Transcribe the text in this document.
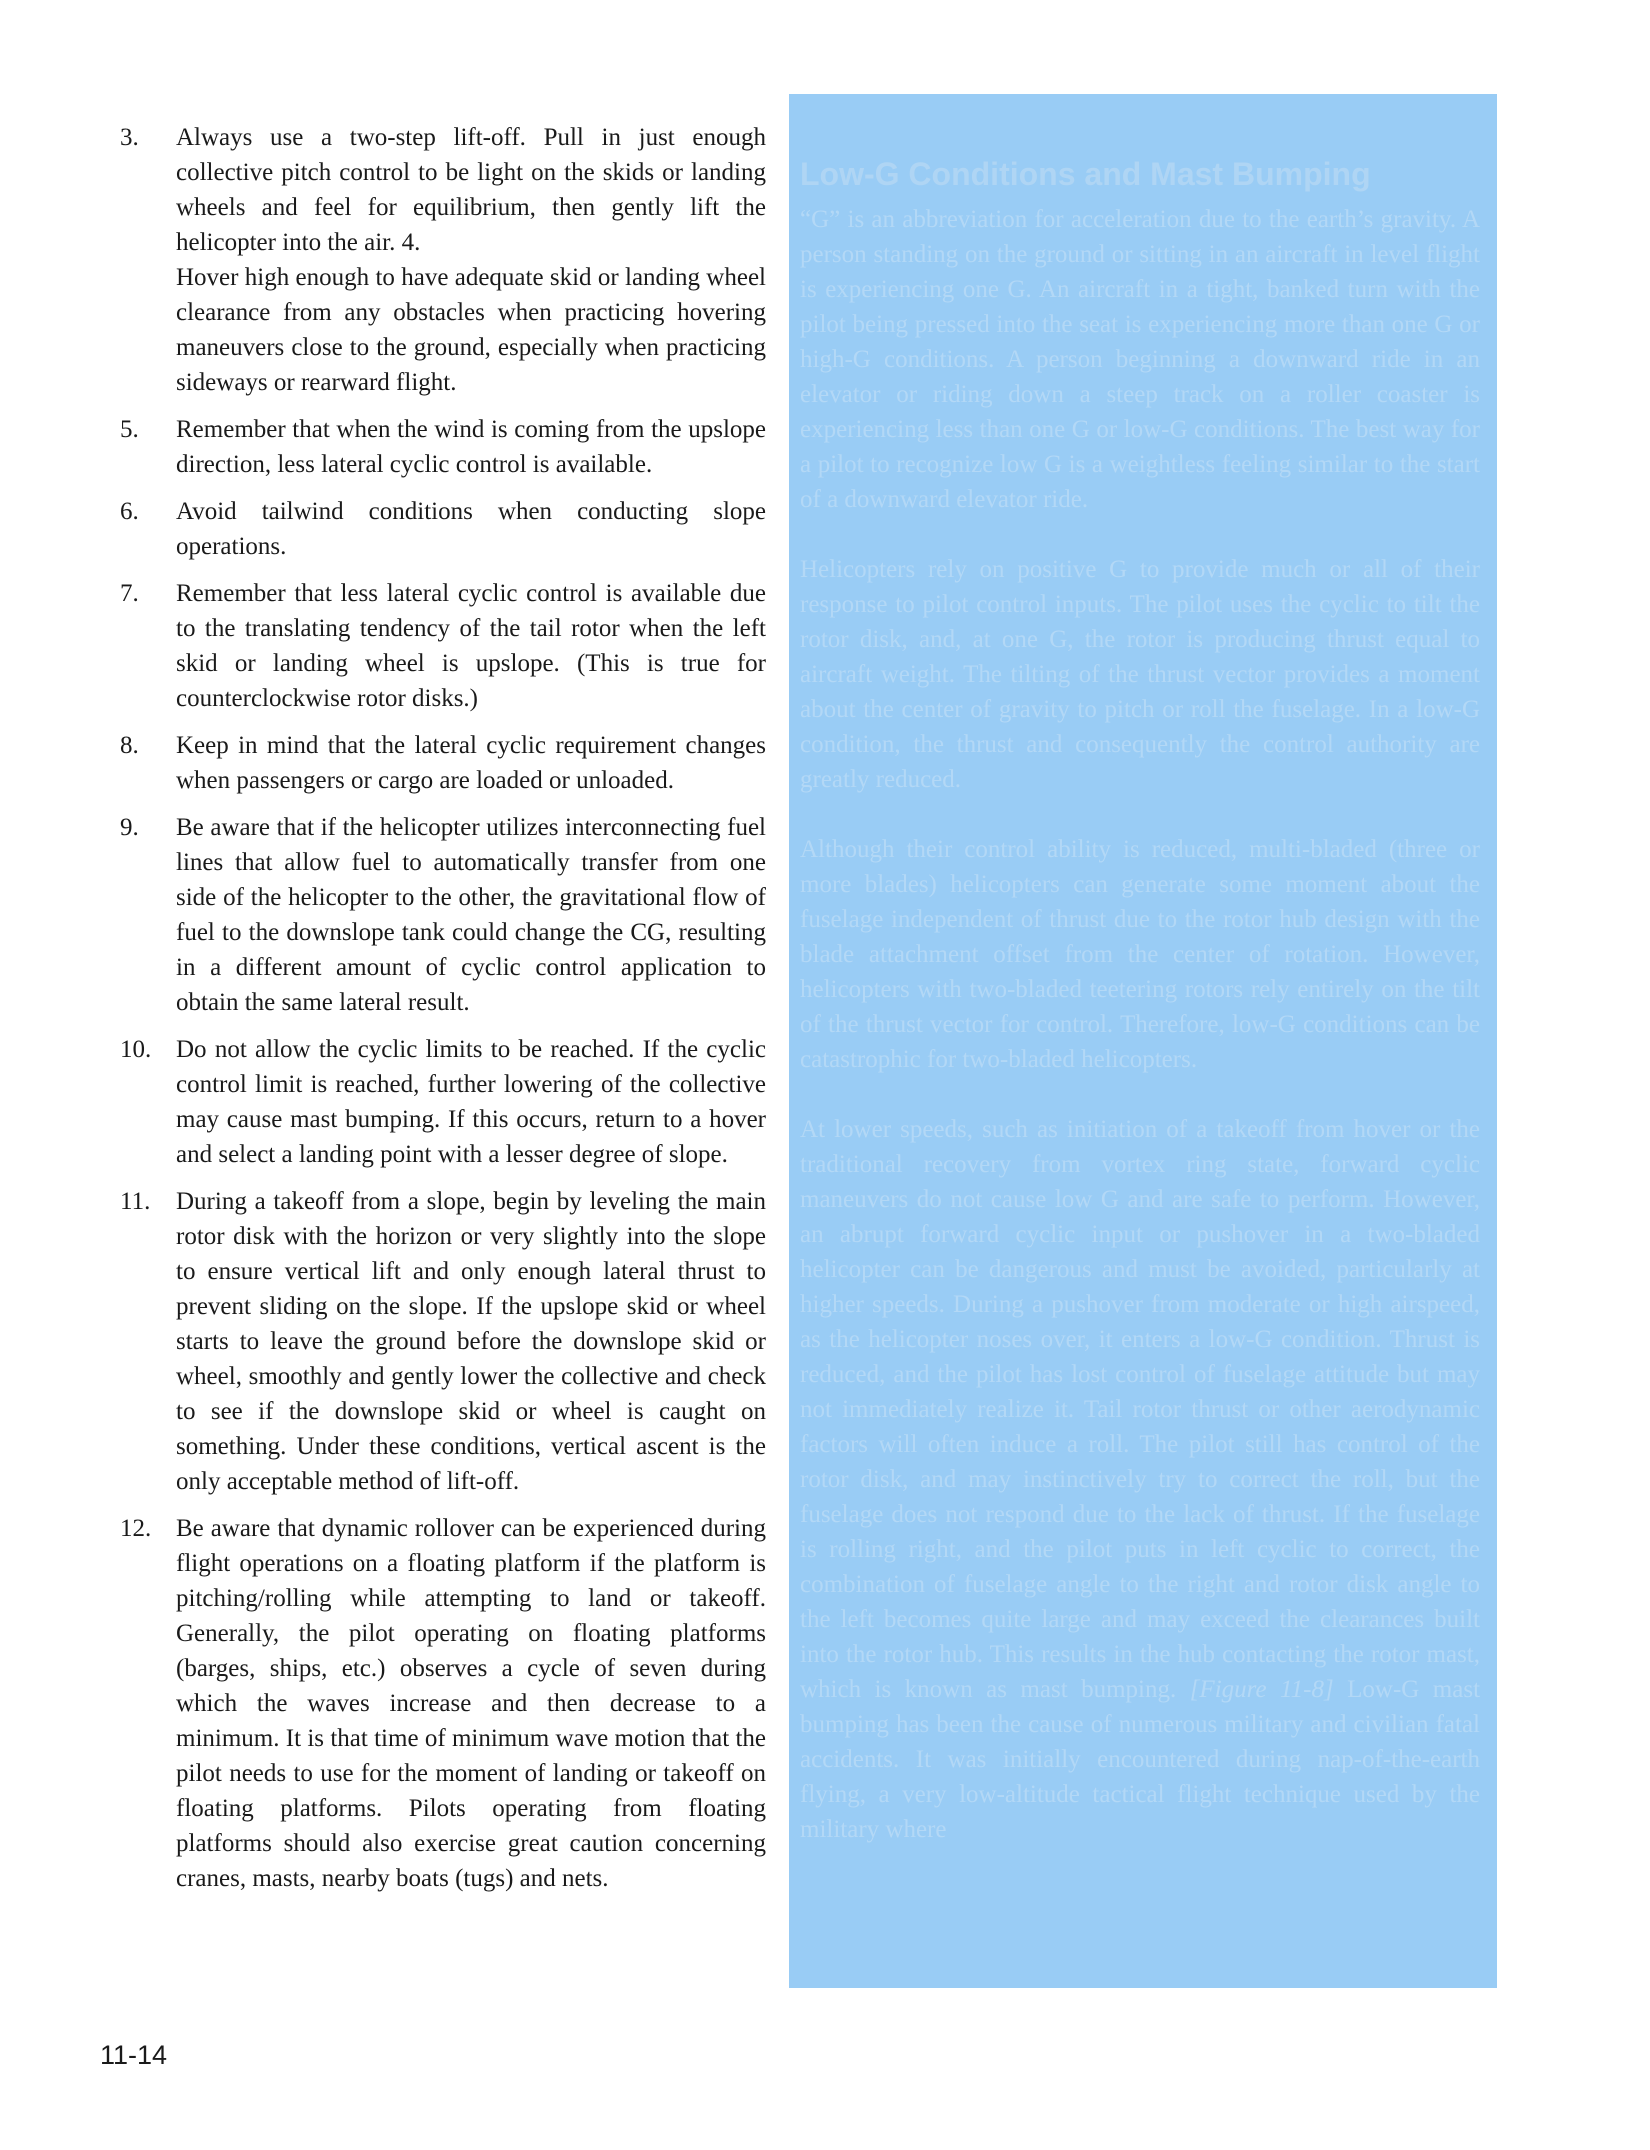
3.	Always use a two-step lift-off. Pull in just enough collective pitch control to be light on the skids or landing wheels and feel for equilibrium, then gently lift the helicopter into the air. 4.

Hover high enough to have adequate skid or landing wheel clearance from any obstacles when practicing hovering maneuvers close to the ground, especially when practicing sideways or rearward flight.

5.	Remember that when the wind is coming from the upslope direction, less lateral cyclic control is available.

6.	Avoid tailwind conditions when conducting slope operations.

7.	Remember that less lateral cyclic control is available due to the translating tendency of the tail rotor when the left skid or landing wheel is upslope. (This is true for counterclockwise rotor disks.)

8.	Keep in mind that the lateral cyclic requirement changes when passengers or cargo are loaded or unloaded.

9.	Be aware that if the helicopter utilizes interconnecting fuel lines that allow fuel to automatically transfer from one side of the helicopter to the other, the gravitational flow of fuel to the downslope tank could change the CG, resulting in a different amount of cyclic control application to obtain the same lateral result.

10. Do not allow the cyclic limits to be reached. If the cyclic control limit is reached, further lowering of the collective may cause mast bumping. If this occurs, return to a hover and select a landing point with a lesser degree of slope.

11.	During a takeoff from a slope, begin by leveling the main rotor disk with the horizon or very slightly into the slope to ensure vertical lift and only enough lateral thrust to prevent sliding on the slope. If the upslope skid or wheel starts to leave the ground before the downslope skid or wheel, smoothly and gently lower the collective and check to see if the downslope skid or wheel is caught on something. Under these conditions, vertical ascent is the only acceptable method of lift-off.

12. Be aware that dynamic rollover can be experienced during flight operations on a floating platform if the platform is pitching/rolling while attempting to land or takeoff. Generally, the pilot operating on floating platforms (barges, ships, etc.) observes a cycle of seven during which the waves increase and then decrease to a minimum. It is that time of minimum wave motion that the pilot needs to use for the moment of landing or takeoff on floating platforms. Pilots operating from floating platforms should also exercise great caution concerning cranes, masts, nearby boats (tugs) and nets.

Low-G Conditions and Mast Bumping

“G” is an abbreviation for acceleration due to the earth’s gravity. A person standing on the ground or sitting in an aircraft in level flight is experiencing one G. An aircraft in a tight, banked turn with the pilot being pressed into the seat is experiencing more than one G or high-G conditions. A person beginning a downward ride in an elevator or riding down a steep track on a roller coaster is experiencing less than one G or low-G conditions. The best way for a pilot to recognize low G is a weightless feeling similar to the start of a downward elevator ride.

Helicopters rely on positive G to provide much or all of their response to pilot control inputs. The pilot uses the cyclic to tilt the rotor disk, and, at one G, the rotor is producing thrust equal to aircraft weight. The tilting of the thrust vector provides a moment about the center of gravity to pitch or roll the fuselage. In a low-G condition, the thrust and consequently the control authority are greatly reduced.

Although their control ability is reduced, multi-bladed (three or more blades) helicopters can generate some moment about the fuselage independent of thrust due to the rotor hub design with the blade attachment offset from the center of rotation. However, helicopters with two-bladed teetering rotors rely entirely on the tilt of the thrust vector for control. Therefore, low-G conditions can be catastrophic for two-bladed helicopters.

At lower speeds, such as initiation of a takeoff from hover or the traditional recovery from vortex ring state, forward cyclic maneuvers do not cause low G and are safe to perform. However, an abrupt forward cyclic input or pushover in a two-bladed helicopter can be dangerous and must be avoided, particularly at higher speeds. During a pushover from moderate or high airspeed, as the helicopter noses over, it enters a low-G condition. Thrust is reduced, and the pilot has lost control of fuselage attitude but may not immediately realize it. Tail rotor thrust or other aerodynamic factors will often induce a roll. The pilot still has control of the rotor disk, and may instinctively try to correct the roll, but the fuselage does not respond due to the lack of thrust. If the fuselage is rolling right, and the pilot puts in left cyclic to correct, the combination of fuselage angle to the right and rotor disk angle to the left becomes quite large and may exceed the clearances built into the rotor hub. This results in the hub contacting the rotor mast, which is known as mast bumping. [Figure 11-8] Low-G mast bumping has been the cause of numerous military and civilian fatal accidents. It was initially encountered during nap-of-the-earth flying, a very low-altitude tactical flight technique used by the military where

11-14
